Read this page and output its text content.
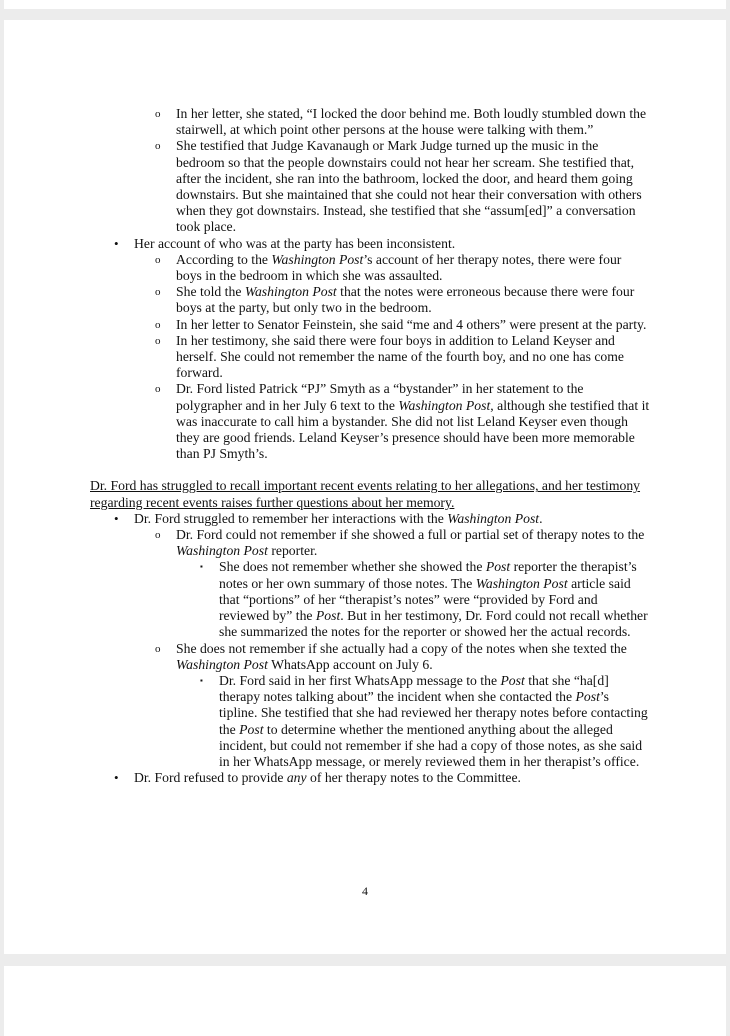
o In her letter, she stated, “I locked the door behind me. Both loudly stumbled down the stairwell, at which point other persons at the house were talking with them.”
o She testified that Judge Kavanaugh or Mark Judge turned up the music in the bedroom so that the people downstairs could not hear her scream. She testified that, after the incident, she ran into the bathroom, locked the door, and heard them going downstairs. But she maintained that she could not hear their conversation with others when they got downstairs. Instead, she testified that she “assum[ed]” a conversation took place.
• Her account of who was at the party has been inconsistent.
o According to the Washington Post’s account of her therapy notes, there were four boys in the bedroom in which she was assaulted.
o She told the Washington Post that the notes were erroneous because there were four boys at the party, but only two in the bedroom.
o In her letter to Senator Feinstein, she said “me and 4 others” were present at the party.
o In her testimony, she said there were four boys in addition to Leland Keyser and herself. She could not remember the name of the fourth boy, and no one has come forward.
o Dr. Ford listed Patrick “PJ” Smyth as a “bystander” in her statement to the polygrapher and in her July 6 text to the Washington Post, although she testified that it was inaccurate to call him a bystander. She did not list Leland Keyser even though they are good friends. Leland Keyser’s presence should have been more memorable than PJ Smyth’s.
Dr. Ford has struggled to recall important recent events relating to her allegations, and her testimony regarding recent events raises further questions about her memory.
• Dr. Ford struggled to remember her interactions with the Washington Post.
o Dr. Ford could not remember if she showed a full or partial set of therapy notes to the Washington Post reporter.
▪ She does not remember whether she showed the Post reporter the therapist’s notes or her own summary of those notes. The Washington Post article said that “portions” of her “therapist’s notes” were “provided by Ford and reviewed by” the Post. But in her testimony, Dr. Ford could not recall whether she summarized the notes for the reporter or showed her the actual records.
o She does not remember if she actually had a copy of the notes when she texted the Washington Post WhatsApp account on July 6.
▪ Dr. Ford said in her first WhatsApp message to the Post that she “ha[d] therapy notes talking about” the incident when she contacted the Post’s tipline. She testified that she had reviewed her therapy notes before contacting the Post to determine whether the mentioned anything about the alleged incident, but could not remember if she had a copy of those notes, as she said in her WhatsApp message, or merely reviewed them in her therapist’s office.
• Dr. Ford refused to provide any of her therapy notes to the Committee.
4
